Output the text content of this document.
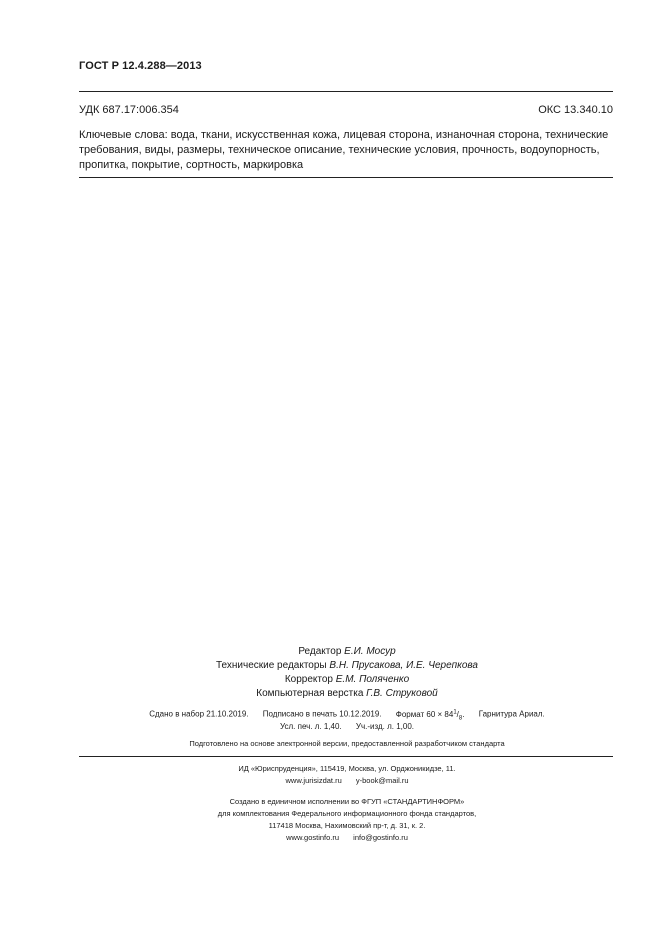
ГОСТ Р 12.4.288—2013
УДК 687.17:006.354	ОКС 13.340.10
Ключевые слова: вода, ткани, искусственная кожа, лицевая сторона, изнаночная сторона, технические требования, виды, размеры, техническое описание, технические условия, прочность, водоупорность, пропитка, покрытие, сортность, маркировка
Редактор Е.И. Мосур
Технические редакторы В.Н. Прусакова, И.Е. Черепкова
Корректор Е.М. Поляченко
Компьютерная верстка Г.В. Струковой
Сдано в набор 21.10.2019. Подписано в печать 10.12.2019. Формат $60 \times 84^1/_8$. Гарнитура Ариал.
Усл. печ. л. 1,40. Уч.-изд. л. 1,00.
Подготовлено на основе электронной версии, предоставленной разработчиком стандарта
ИД «Юриспруденция», 115419, Москва, ул. Орджоникидзе, 11.
www.jurisizdat.ru y-book@mail.ru
Создано в единичном исполнении во ФГУП «СТАНДАРТИНФОРМ»
для комплектования Федерального информационного фонда стандартов,
117418 Москва, Нахимовский пр-т, д. 31, к. 2.
www.gostinfo.ru info@gostinfo.ru
